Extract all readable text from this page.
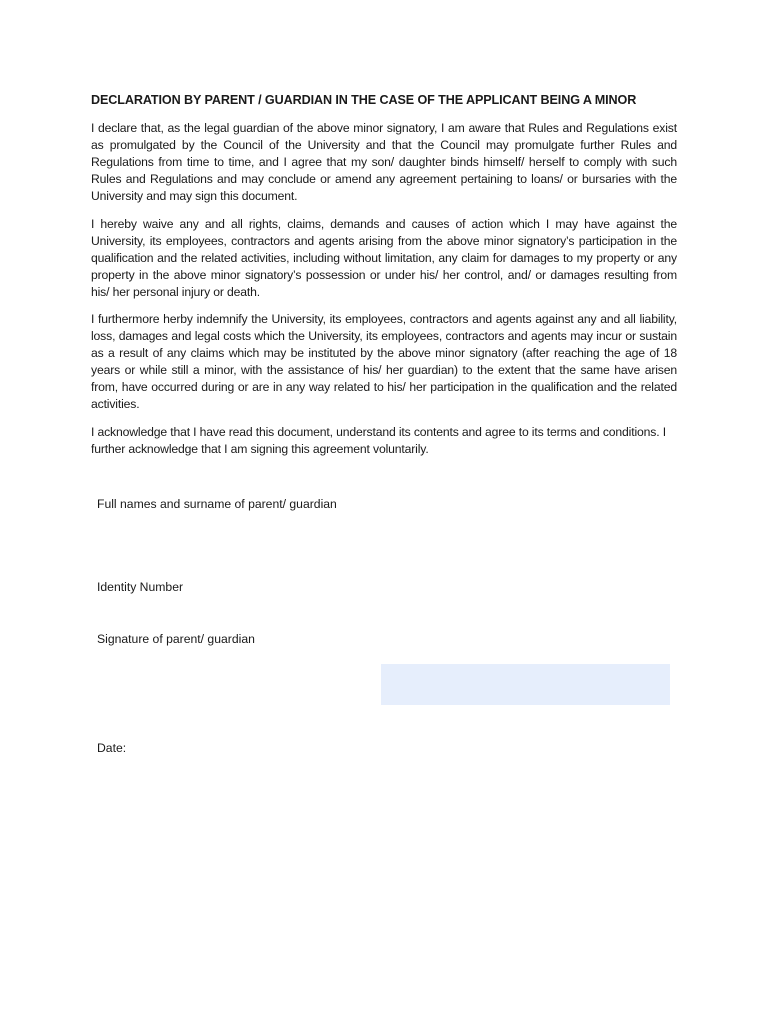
DECLARATION BY PARENT / GUARDIAN IN THE CASE OF THE APPLICANT BEING A MINOR
I declare that, as the legal guardian of the above minor signatory, I am aware that Rules and Regulations exist as promulgated by the Council of the University and that the Council may promulgate further Rules and Regulations from time to time, and I agree that my son/ daughter binds himself/ herself to comply with such Rules and Regulations and may conclude or amend any agreement pertaining to loans/ or bursaries with the University and may sign this document.
I hereby waive any and all rights, claims, demands and causes of action which I may have against the University, its employees, contractors and agents arising from the above minor signatory’s participation in the qualification and the related activities, including without limitation, any claim for damages to my property or any property in the above minor signatory’s possession or under his/ her control, and/ or damages resulting from his/ her personal injury or death.
I furthermore herby indemnify the University, its employees, contractors and agents against any and all liability, loss, damages and legal costs which the University, its employees, contractors and agents may incur or sustain as a result of any claims which may be instituted by the above minor signatory (after reaching the age of 18 years or while still a minor, with the assistance of his/ her guardian) to the extent that the same have arisen from, have occurred during or are in any way related to his/ her participation in the qualification and the related activities.
I acknowledge that I have read this document, understand its contents and agree to its terms and conditions. I further acknowledge that I am signing this agreement voluntarily.
Full names and surname of parent/ guardian
Identity Number
Signature of parent/ guardian
Date:
